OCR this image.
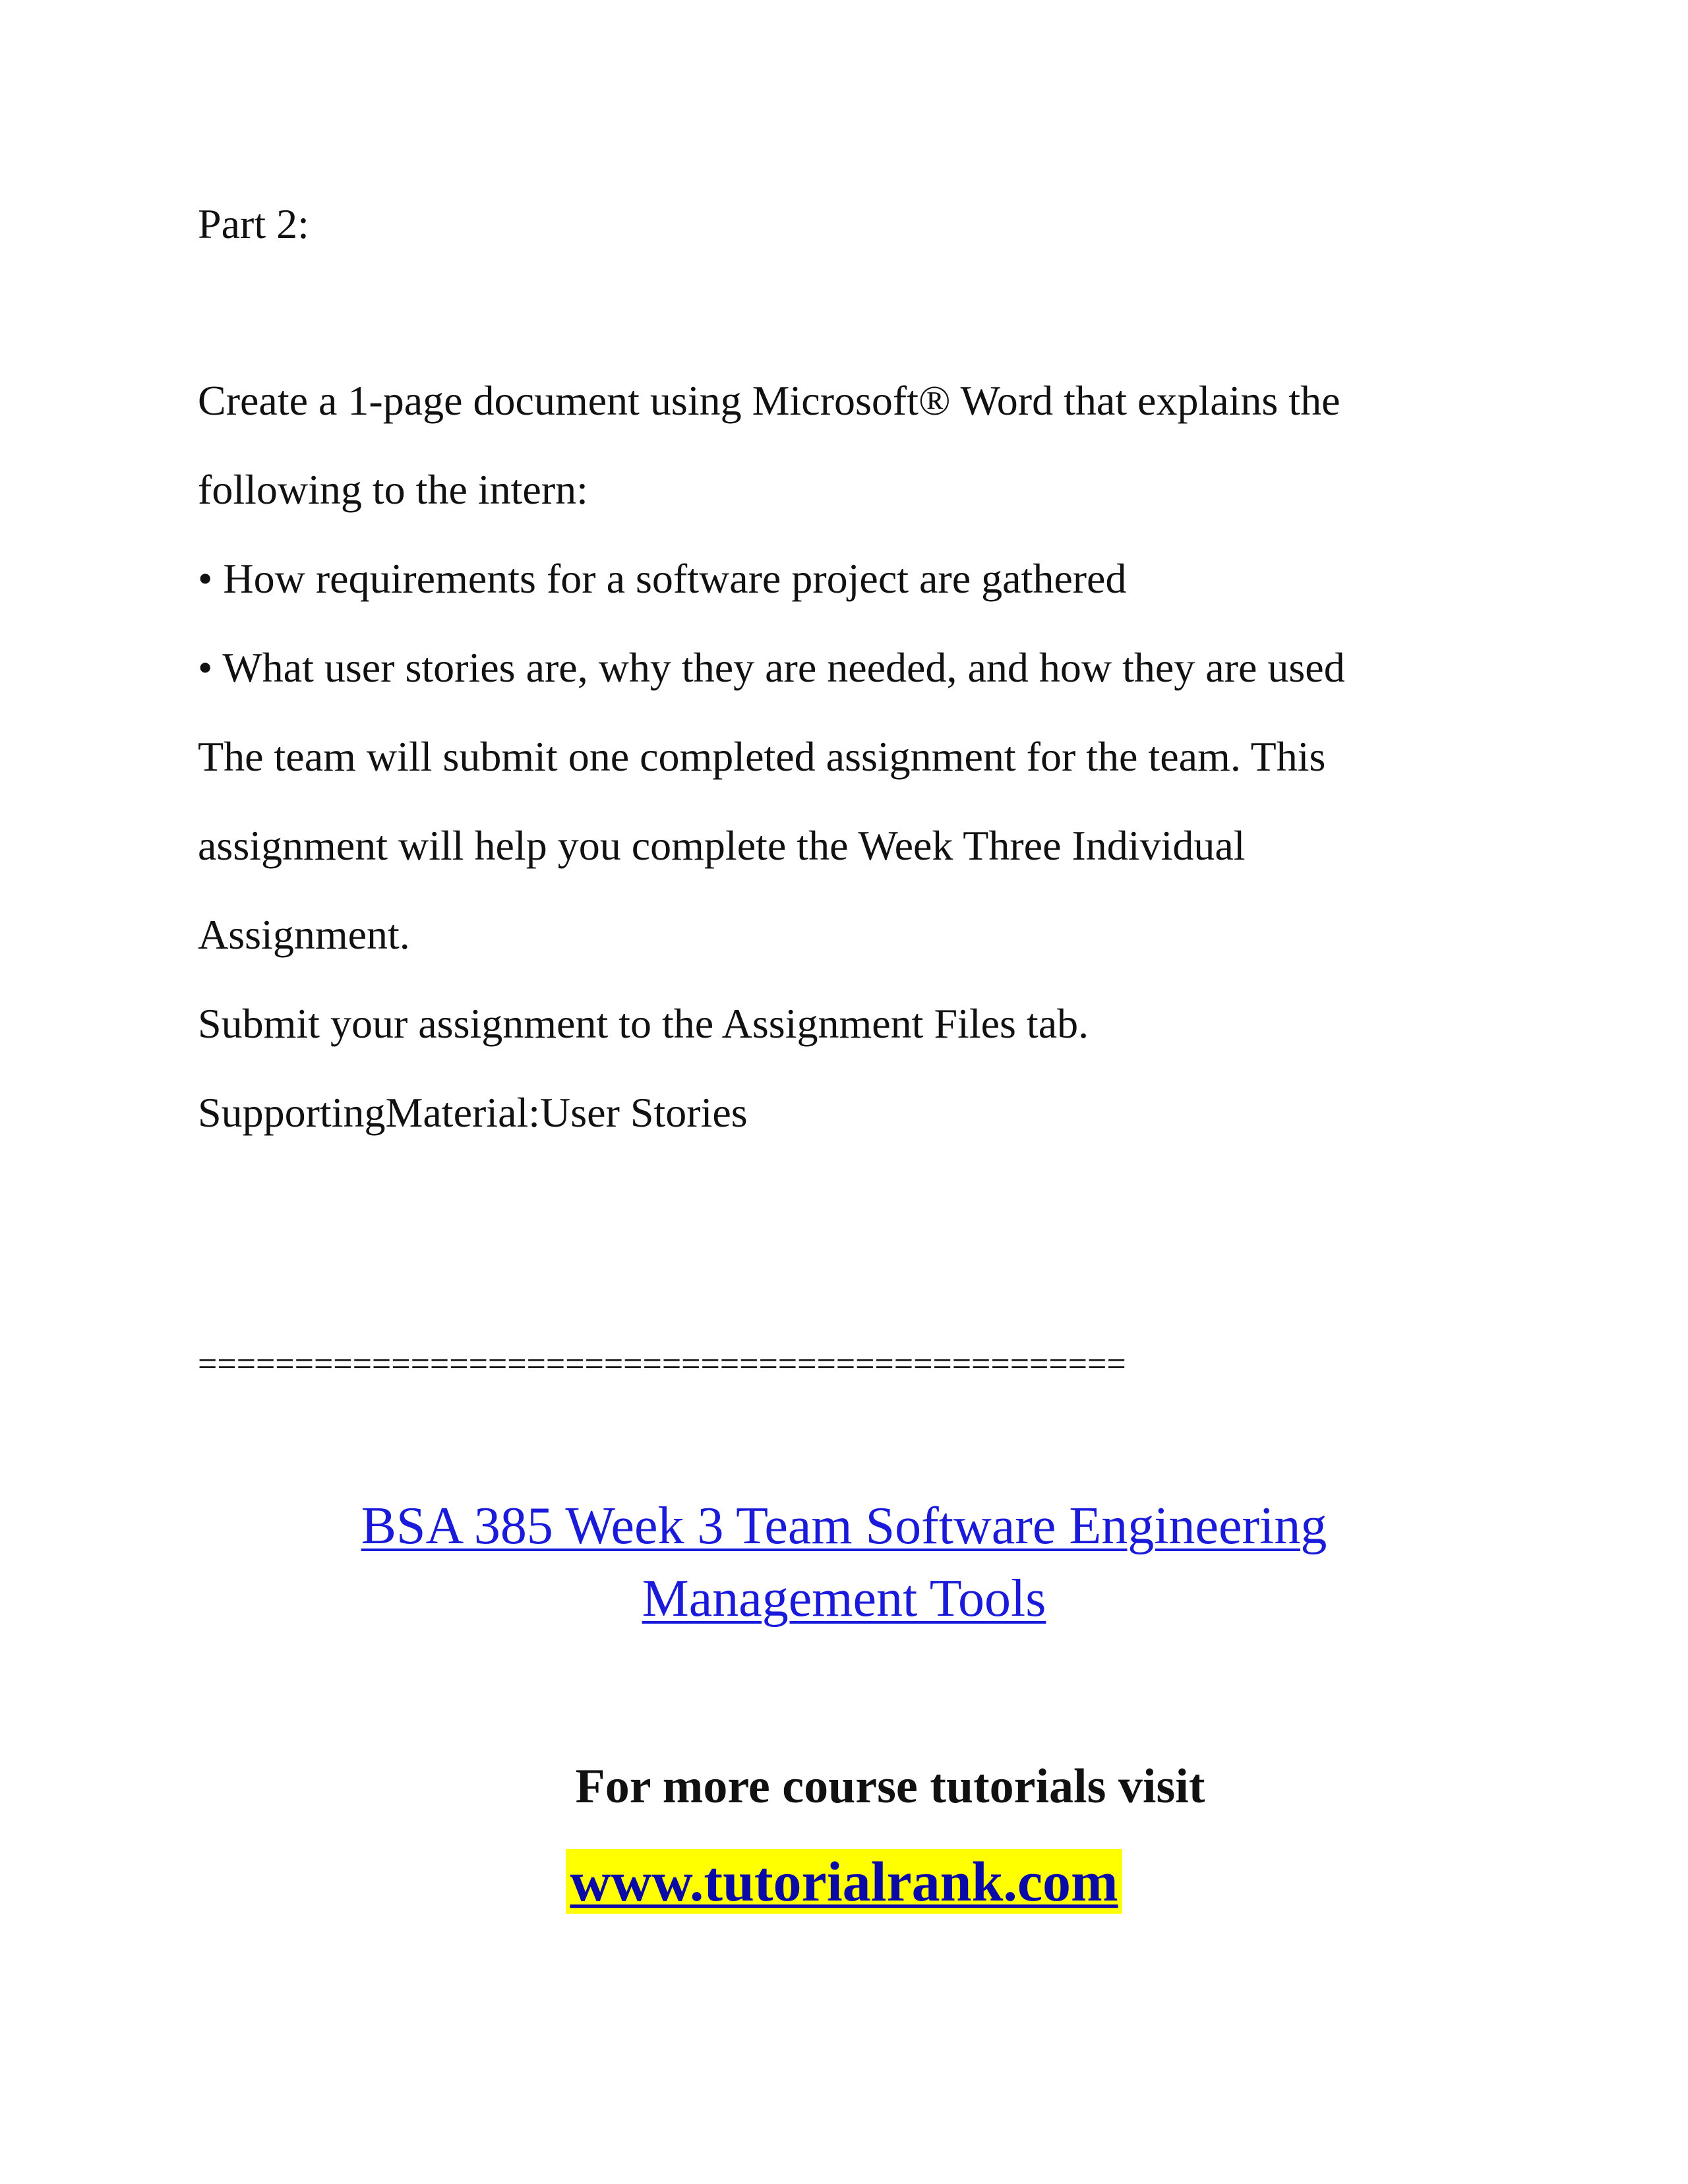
Part 2:

Create a 1-page document using Microsoft® Word that explains the

following to the intern:

• How requirements for a software project are gathered

• What user stories are, why they are needed, and how they are used

The team will submit one completed assignment for the team. This

assignment will help you complete the Week Three Individual

Assignment.

Submit your assignment to the Assignment Files tab.

SupportingMaterial:User Stories

================================================

BSA 385 Week 3 Team Software Engineering

Management Tools

For more course tutorials visit

www.tutorialrank.com
